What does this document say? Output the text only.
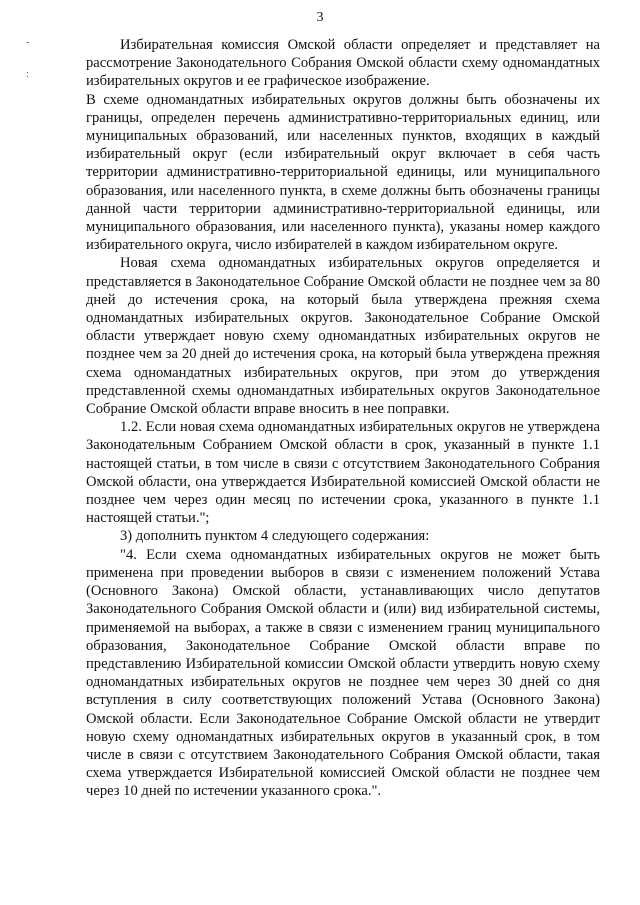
3
-
:

Избирательная комиссия Омской области определяет и представляет на рассмотрение Законодательного Собрания Омской области схему одномандатных избирательных округов и ее графическое изображение.

В схеме одномандатных избирательных округов должны быть обозначены их границы, определен перечень административно-территориальных единиц, или муниципальных образований, или населенных пунктов, входящих в каждый избирательный округ (если избирательный округ включает в себя часть территории административно-территориальной единицы, или муниципального образования, или населенного пункта, в схеме должны быть обозначены границы данной части территории административно-территориальной единицы, или муниципального образования, или населенного пункта), указаны номер каждого избирательного округа, число избирателей в каждом избирательном округе.

Новая схема одномандатных избирательных округов определяется и представляется в Законодательное Собрание Омской области не позднее чем за 80 дней до истечения срока, на который была утверждена прежняя схема одномандатных избирательных округов. Законодательное Собрание Омской области утверждает новую схему одномандатных избирательных округов не позднее чем за 20 дней до истечения срока, на который была утверждена прежняя схема одномандатных избирательных округов, при этом до утверждения представленной схемы одномандатных избирательных округов Законодательное Собрание Омской области вправе вносить в нее поправки.

1.2. Если новая схема одномандатных избирательных округов не утверждена Законодательным Собранием Омской области в срок, указанный в пункте 1.1 настоящей статьи, в том числе в связи с отсутствием Законодательного Собрания Омской области, она утверждается Избирательной комиссией Омской области не позднее чем через один месяц по истечении срока, указанного в пункте 1.1 настоящей статьи.";

3) дополнить пунктом 4 следующего содержания:

"4. Если схема одномандатных избирательных округов не может быть применена при проведении выборов в связи с изменением положений Устава (Основного Закона) Омской области, устанавливающих число депутатов Законодательного Собрания Омской области и (или) вид избирательной системы, применяемой на выборах, а также в связи с изменением границ муниципального образования, Законодательное Собрание Омской области вправе по представлению Избирательной комиссии Омской области утвердить новую схему одномандатных избирательных округов не позднее чем через 30 дней со дня вступления в силу соответствующих положений Устава (Основного Закона) Омской области. Если Законодательное Собрание Омской области не утвердит новую схему одномандатных избирательных округов в указанный срок, в том числе в связи с отсутствием Законодательного Собрания Омской области, такая схема утверждается Избирательной комиссией Омской области не позднее чем через 10 дней по истечении указанного срока.".
